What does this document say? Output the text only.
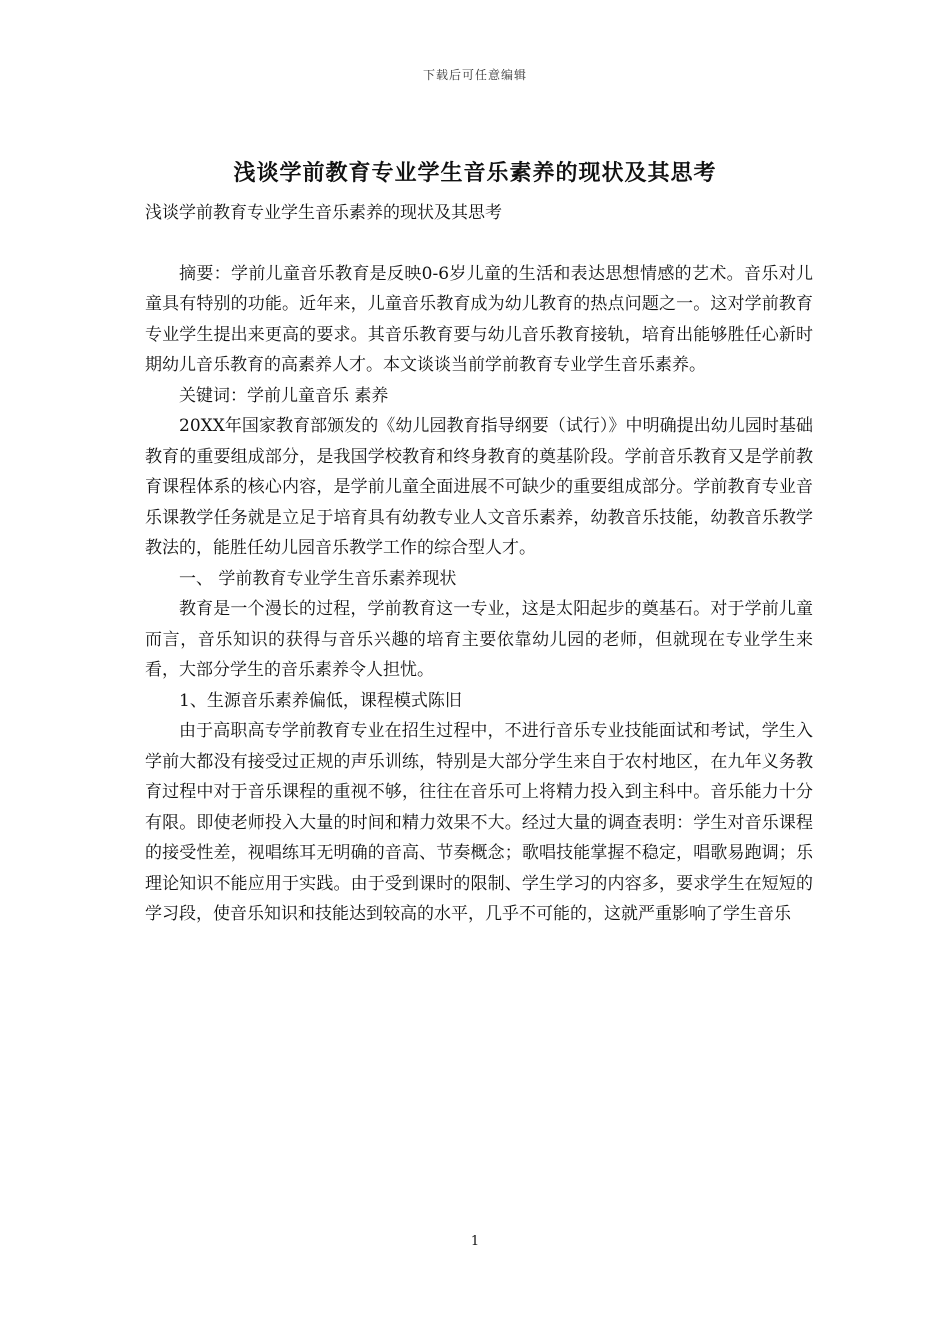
下载后可任意编辑
浅谈学前教育专业学生音乐素养的现状及其思考

浅谈学前教育专业学生音乐素养的现状及其思考

摘要：学前儿童音乐教育是反映0-6岁儿童的生活和表达思想情感的艺术。音乐对儿童具有特别的功能。近年来，儿童音乐教育成为幼儿教育的热点问题之一。这对学前教育专业学生提出来更高的要求。其音乐教育要与幼儿音乐教育接轨，培育出能够胜任心新时期幼儿音乐教育的高素养人才。本文谈谈当前学前教育专业学生音乐素养。

关键词：学前儿童音乐 素养

20XX年国家教育部颁发的《幼儿园教育指导纲要（试行）》中明确提出幼儿园时基础教育的重要组成部分，是我国学校教育和终身教育的奠基阶段。学前音乐教育又是学前教育课程体系的核心内容，是学前儿童全面进展不可缺少的重要组成部分。学前教育专业音乐课教学任务就是立足于培育具有幼教专业人文音乐素养，幼教音乐技能，幼教音乐教学教法的，能胜任幼儿园音乐教学工作的综合型人才。

一、 学前教育专业学生音乐素养现状

教育是一个漫长的过程，学前教育这一专业，这是太阳起步的奠基石。对于学前儿童而言，音乐知识的获得与音乐兴趣的培育主要依靠幼儿园的老师，但就现在专业学生来看，大部分学生的音乐素养令人担忧。

1、生源音乐素养偏低，课程模式陈旧

由于高职高专学前教育专业在招生过程中，不进行音乐专业技能面试和考试，学生入学前大都没有接受过正规的声乐训练，特别是大部分学生来自于农村地区，在九年义务教育过程中对于音乐课程的重视不够，往往在音乐可上将精力投入到主科中。音乐能力十分有限。即使老师投入大量的时间和精力效果不大。经过大量的调查表明：学生对音乐课程的接受性差，视唱练耳无明确的音高、节奏概念；歌唱技能掌握不稳定，唱歌易跑调；乐理论知识不能应用于实践。由于受到课时的限制、学生学习的内容多，要求学生在短短的学习段，使音乐知识和技能达到较高的水平，几乎不可能的，这就严重影响了学生音乐

1
